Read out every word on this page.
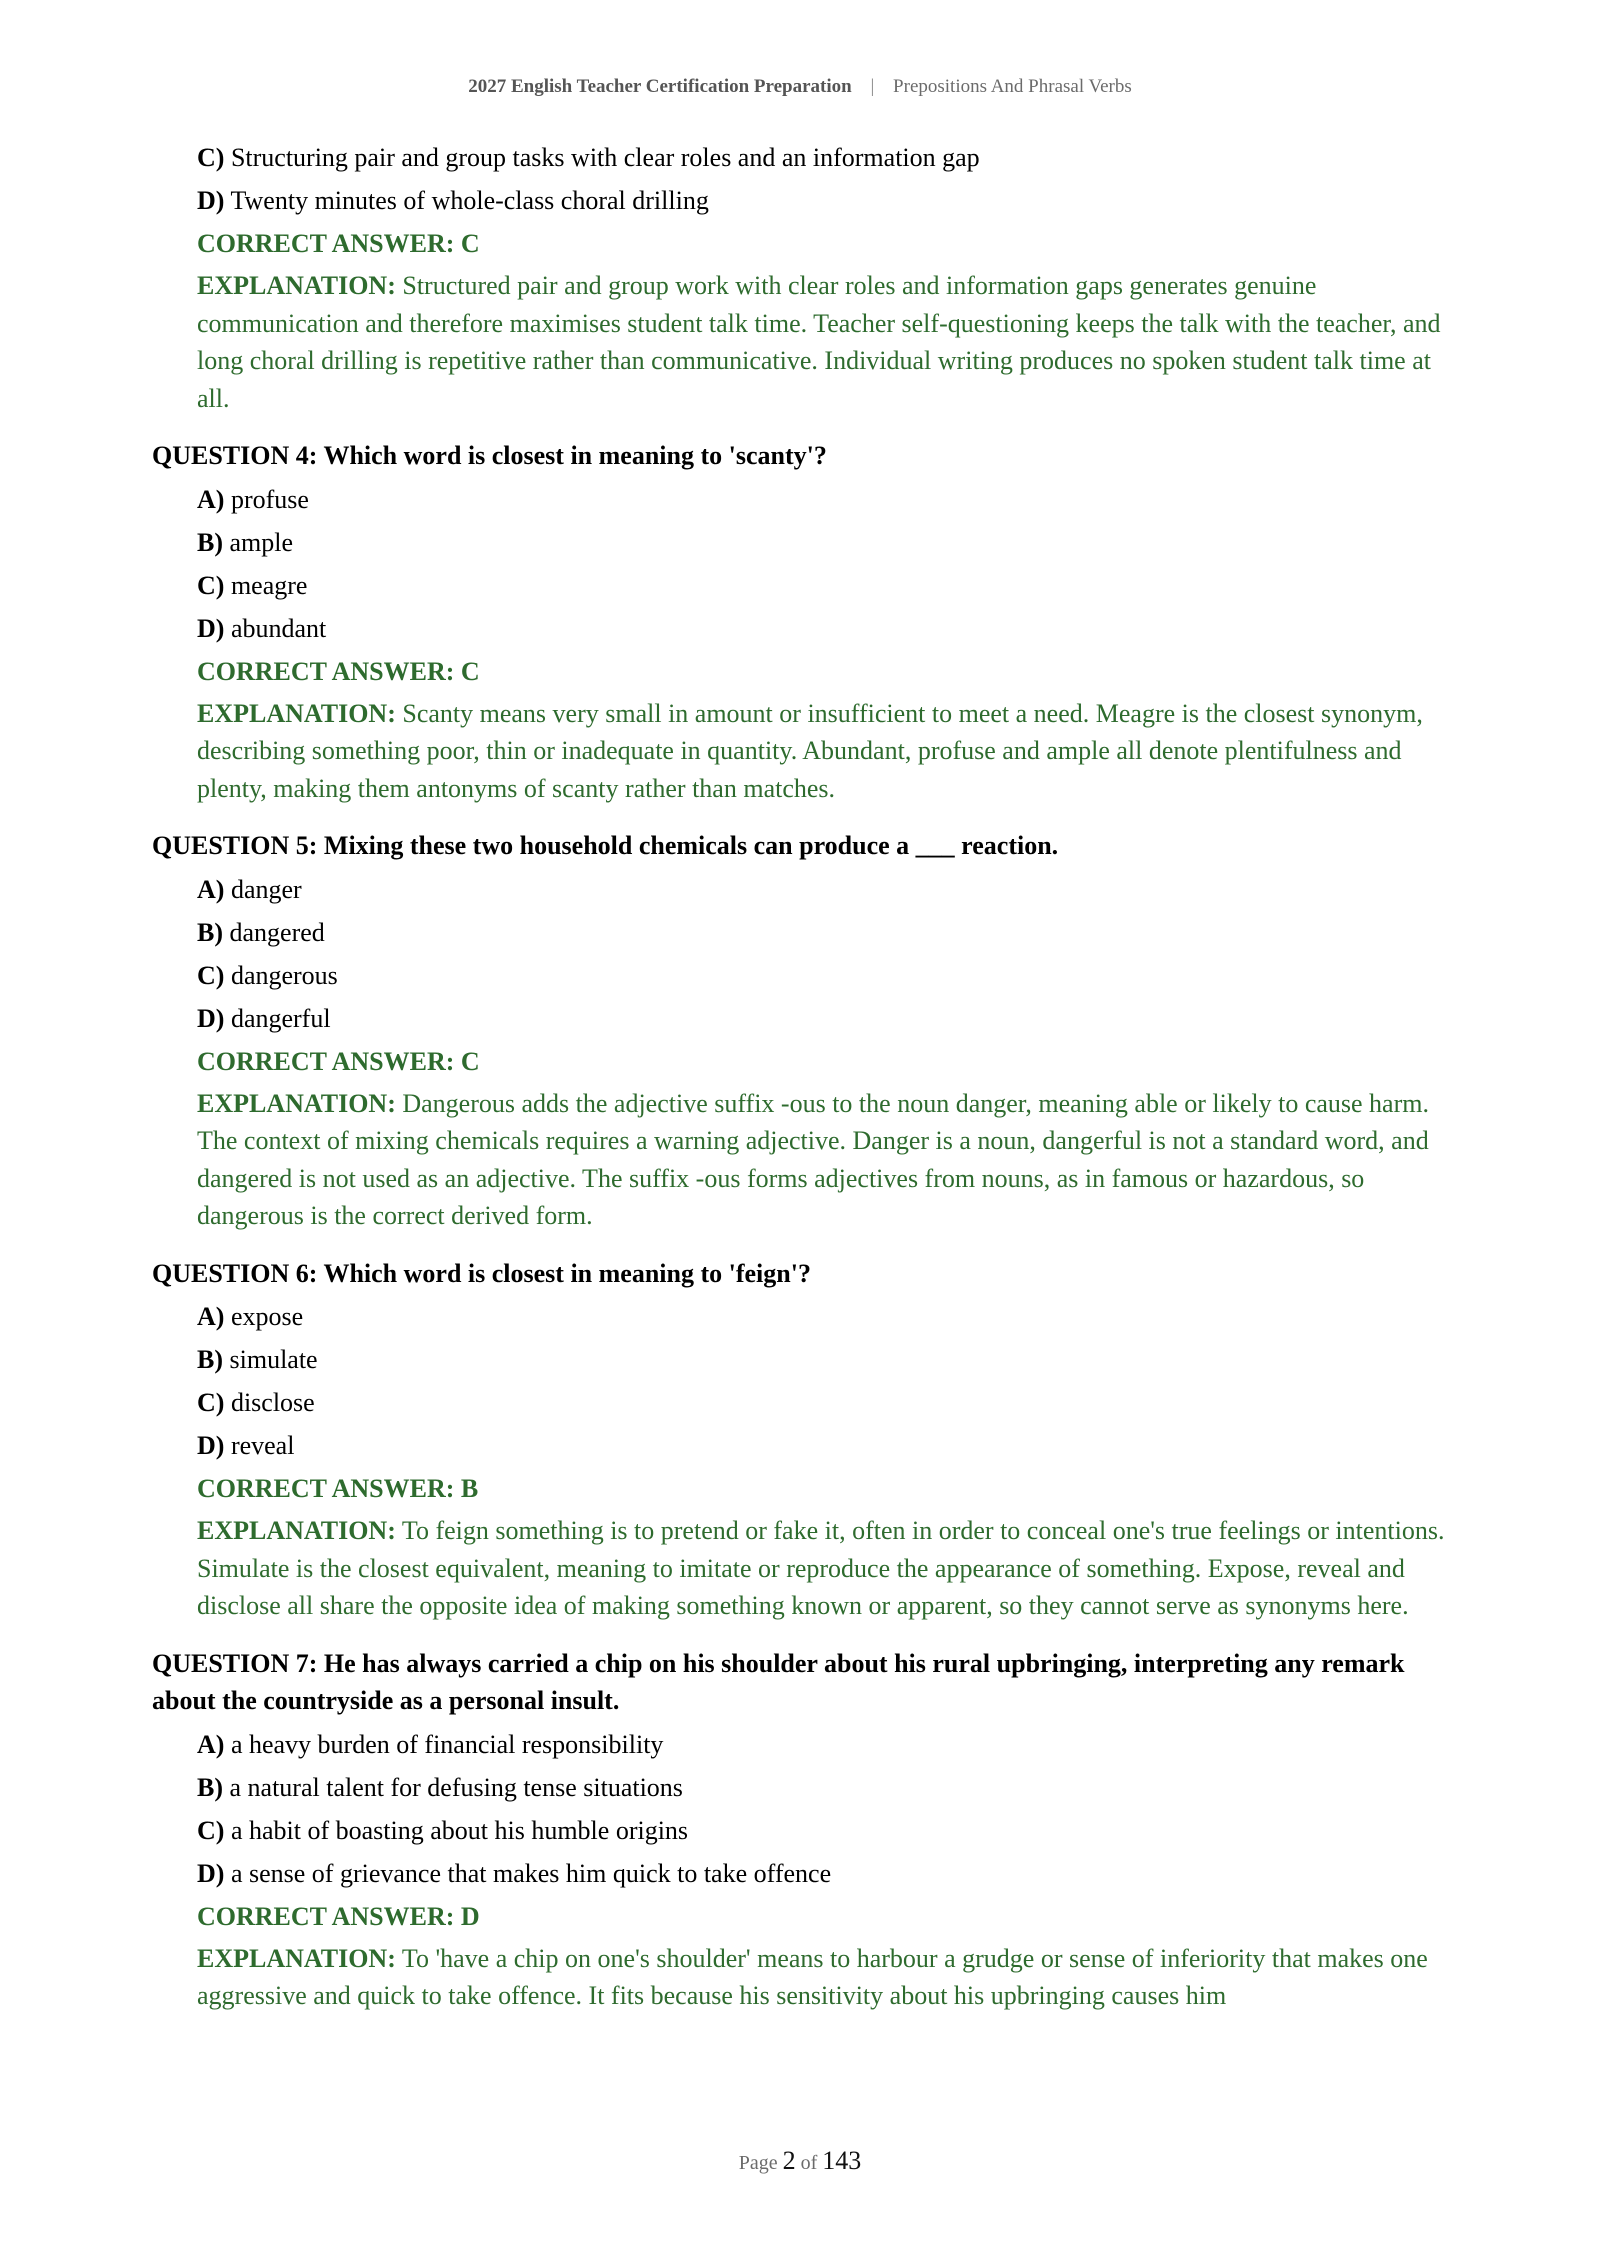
2027 English Teacher Certification Preparation | Prepositions And Phrasal Verbs
C) Structuring pair and group tasks with clear roles and an information gap
D) Twenty minutes of whole-class choral drilling
CORRECT ANSWER: C
EXPLANATION: Structured pair and group work with clear roles and information gaps generates genuine communication and therefore maximises student talk time. Teacher self-questioning keeps the talk with the teacher, and long choral drilling is repetitive rather than communicative. Individual writing produces no spoken student talk time at all.
QUESTION 4: Which word is closest in meaning to 'scanty'?
A) profuse
B) ample
C) meagre
D) abundant
CORRECT ANSWER: C
EXPLANATION: Scanty means very small in amount or insufficient to meet a need. Meagre is the closest synonym, describing something poor, thin or inadequate in quantity. Abundant, profuse and ample all denote plentifulness and plenty, making them antonyms of scanty rather than matches.
QUESTION 5: Mixing these two household chemicals can produce a ___ reaction.
A) danger
B) dangered
C) dangerous
D) dangerful
CORRECT ANSWER: C
EXPLANATION: Dangerous adds the adjective suffix -ous to the noun danger, meaning able or likely to cause harm. The context of mixing chemicals requires a warning adjective. Danger is a noun, dangerful is not a standard word, and dangered is not used as an adjective. The suffix -ous forms adjectives from nouns, as in famous or hazardous, so dangerous is the correct derived form.
QUESTION 6: Which word is closest in meaning to 'feign'?
A) expose
B) simulate
C) disclose
D) reveal
CORRECT ANSWER: B
EXPLANATION: To feign something is to pretend or fake it, often in order to conceal one's true feelings or intentions. Simulate is the closest equivalent, meaning to imitate or reproduce the appearance of something. Expose, reveal and disclose all share the opposite idea of making something known or apparent, so they cannot serve as synonyms here.
QUESTION 7: He has always carried a chip on his shoulder about his rural upbringing, interpreting any remark about the countryside as a personal insult.
A) a heavy burden of financial responsibility
B) a natural talent for defusing tense situations
C) a habit of boasting about his humble origins
D) a sense of grievance that makes him quick to take offence
CORRECT ANSWER: D
EXPLANATION: To 'have a chip on one's shoulder' means to harbour a grudge or sense of inferiority that makes one aggressive and quick to take offence. It fits because his sensitivity about his upbringing causes him
Page 2 of 143
